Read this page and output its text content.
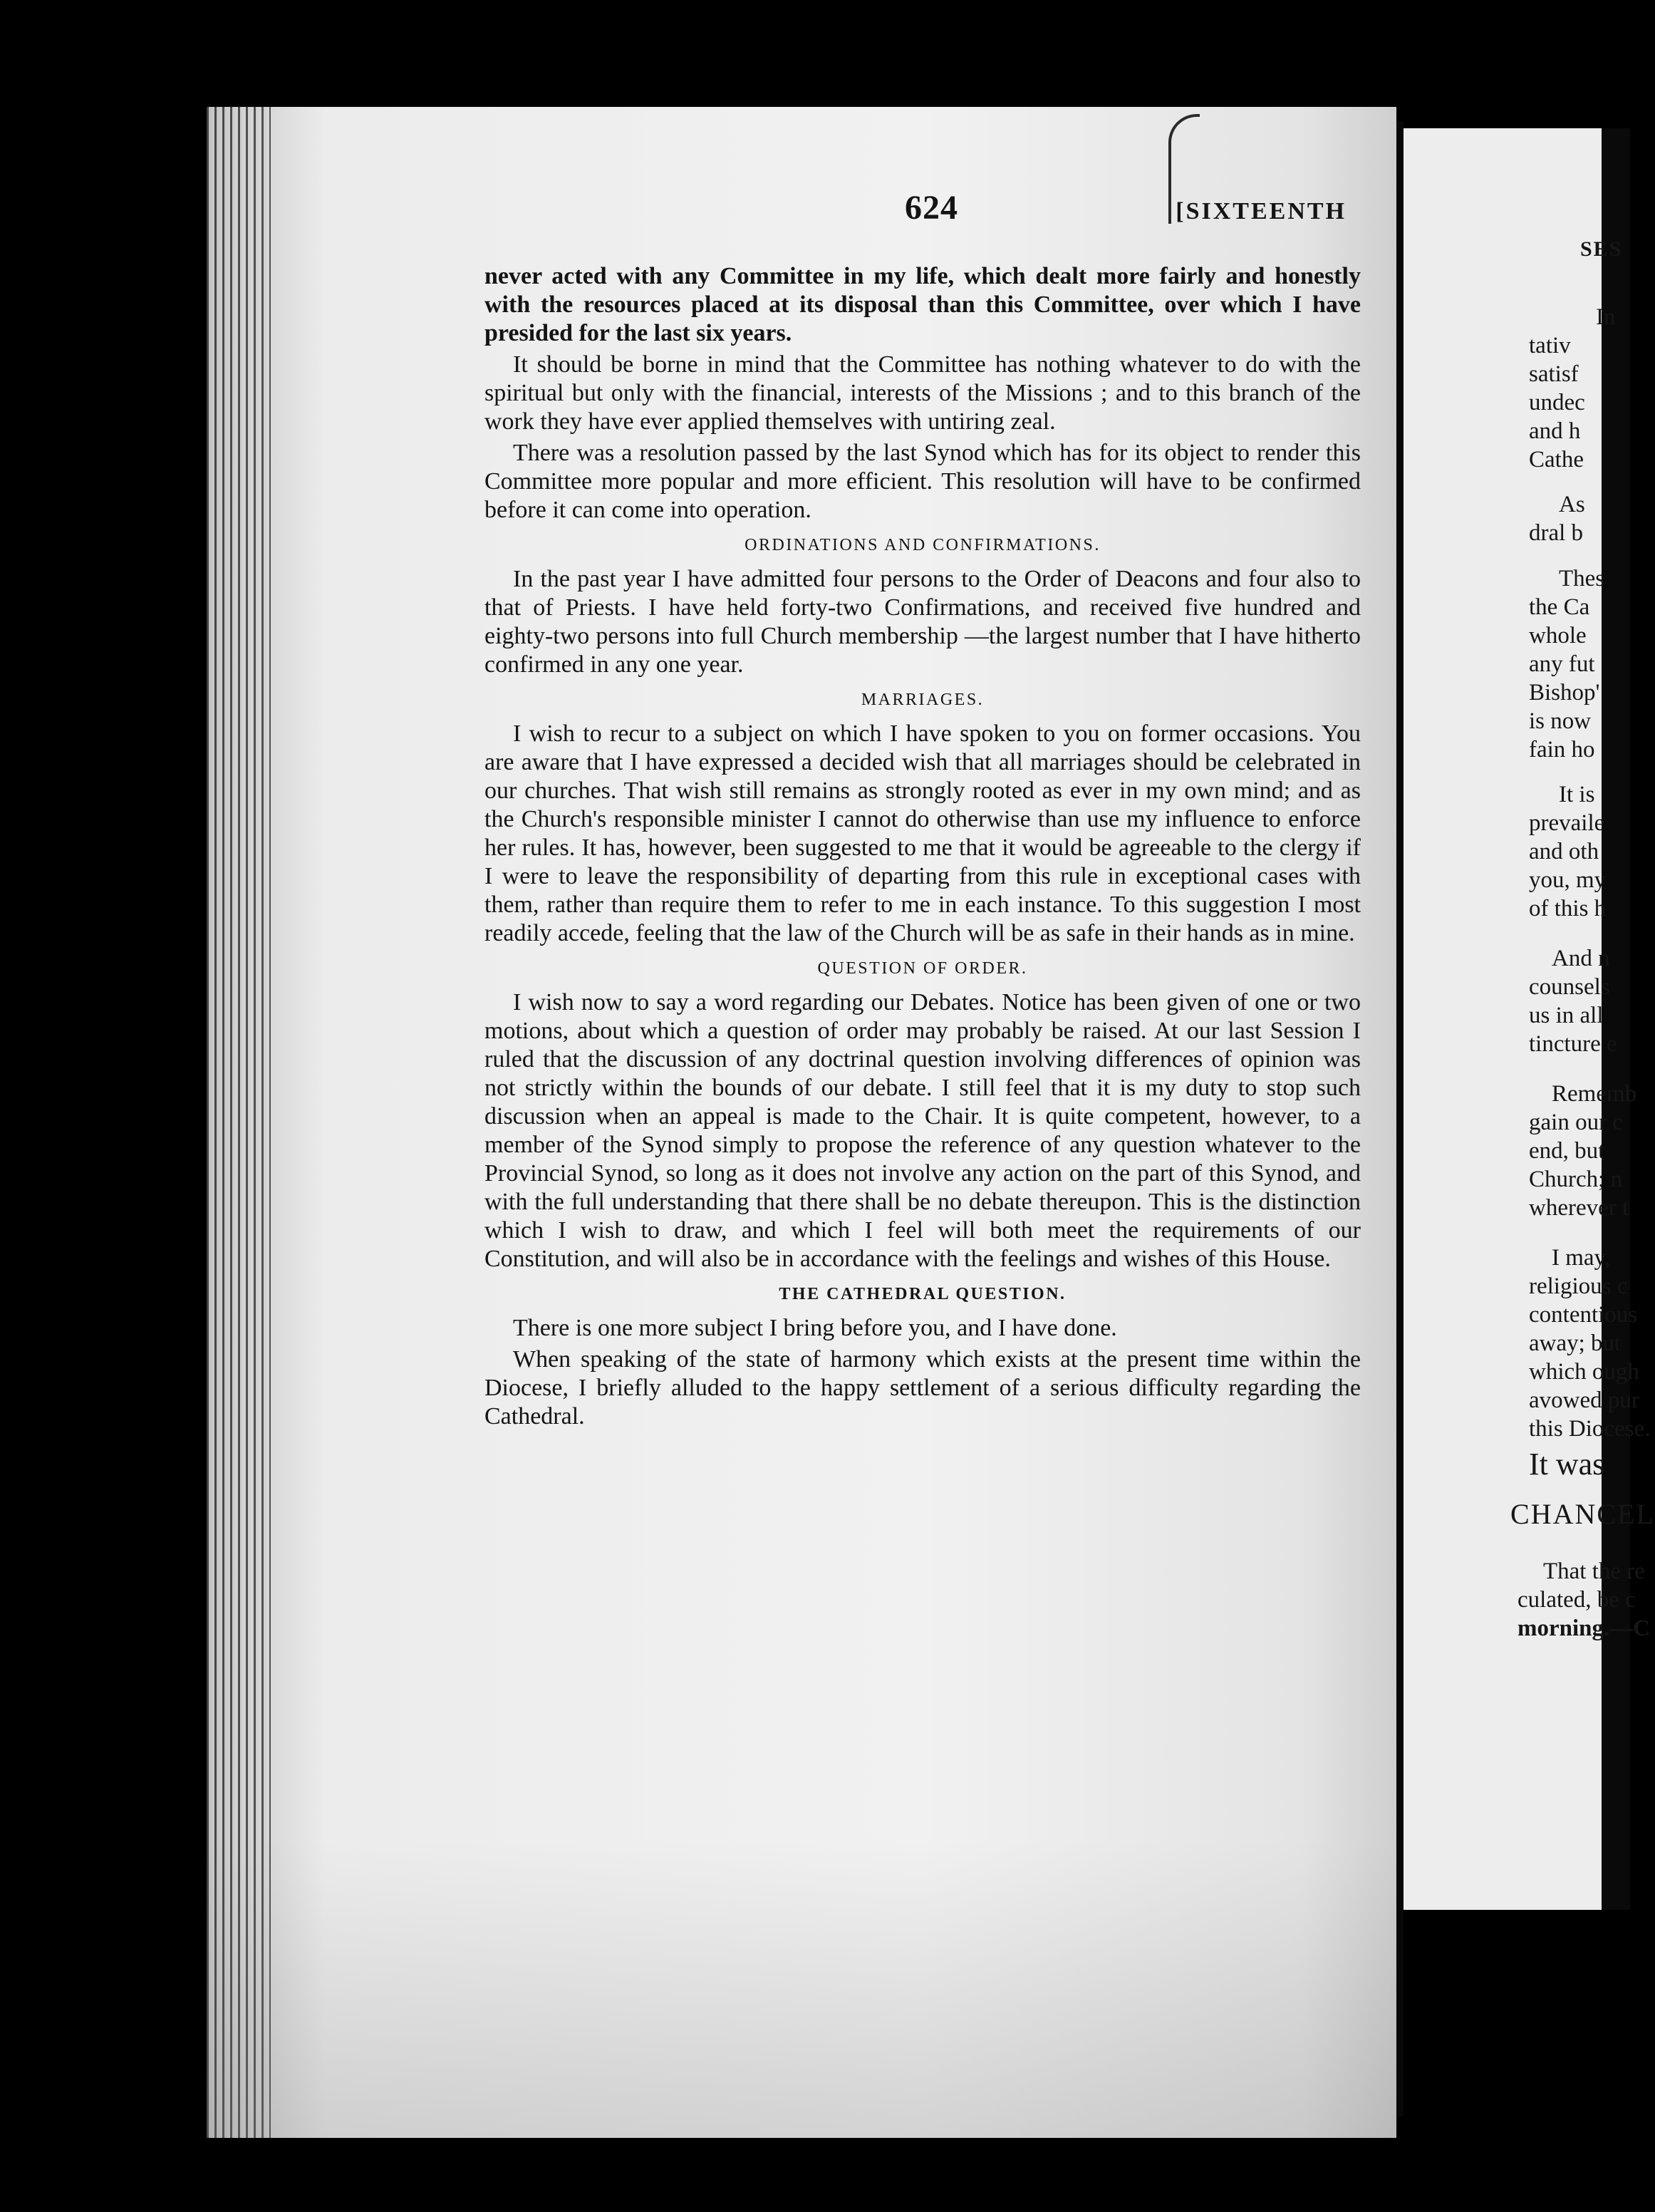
624	[SIXTEENTH

never acted with any Committee in my life, which dealt more fairly and honestly with the resources placed at its disposal than this Committee, over which I have presided for the last six years.

It should be borne in mind that the Committee has nothing whatever to do with the spiritual but only with the financial, interests of the Missions ; and to this branch of the work they have ever applied themselves with untiring zeal.

There was a resolution passed by the last Synod which has for its object to render this Committee more popular and more efficient. This resolution will have to be confirmed before it can come into operation.

ORDINATIONS AND CONFIRMATIONS.

In the past year I have admitted four persons to the Order of Deacons and four also to that of Priests. I have held forty-two Confirmations, and received five hundred and eighty-two persons into full Church membership —the largest number that I have hitherto confirmed in any one year.

MARRIAGES.

I wish to recur to a subject on which I have spoken to you on former occasions. You are aware that I have expressed a decided wish that all marriages should be celebrated in our churches. That wish still remains as strongly rooted as ever in my own mind; and as the Church's responsible minister I cannot do otherwise than use my influence to enforce her rules. It has, however, been suggested to me that it would be agreeable to the clergy if I were to leave the responsibility of departing from this rule in exceptional cases with them, rather than require them to refer to me in each instance. To this suggestion I most readily accede, feeling that the law of the Church will be as safe in their hands as in mine.

QUESTION OF ORDER.

I wish now to say a word regarding our Debates. Notice has been given of one or two motions, about which a question of order may probably be raised. At our last Session I ruled that the discussion of any doctrinal question involving differences of opinion was not strictly within the bounds of our debate. I still feel that it is my duty to stop such discussion when an appeal is made to the Chair. It is quite competent, however, to a member of the Synod simply to propose the reference of any question whatever to the Provincial Synod, so long as it does not involve any action on the part of this Synod, and with the full understanding that there shall be no debate thereupon. This is the distinction which I wish to draw, and which I feel will both meet the requirements of our Constitution, and will also be in accordance with the feelings and wishes of this House.

THE CATHEDRAL QUESTION.

There is one more subject I bring before you, and I have done.

When speaking of the state of harmony which exists at the present time within the Diocese, I briefly alluded to the happy settlement of a serious difficulty regarding the Cathedral.

SES
In
tativ
satisf
undec
and h
Cathe
As
dral b
Thes
the Ca
whole
any fut
Bishop'
is now
fain ho
It is
prevaile
and oth
you, my
of this h
And n
counsels
us in all
tincture e
Rememb
gain our c
end, but
Church; n
wherever t
I may,
religious c
contentious
away; but
which ough
avowed pur
this Diocese.
It was
CHANCEL
That the re
culated, be c
morning.—C
